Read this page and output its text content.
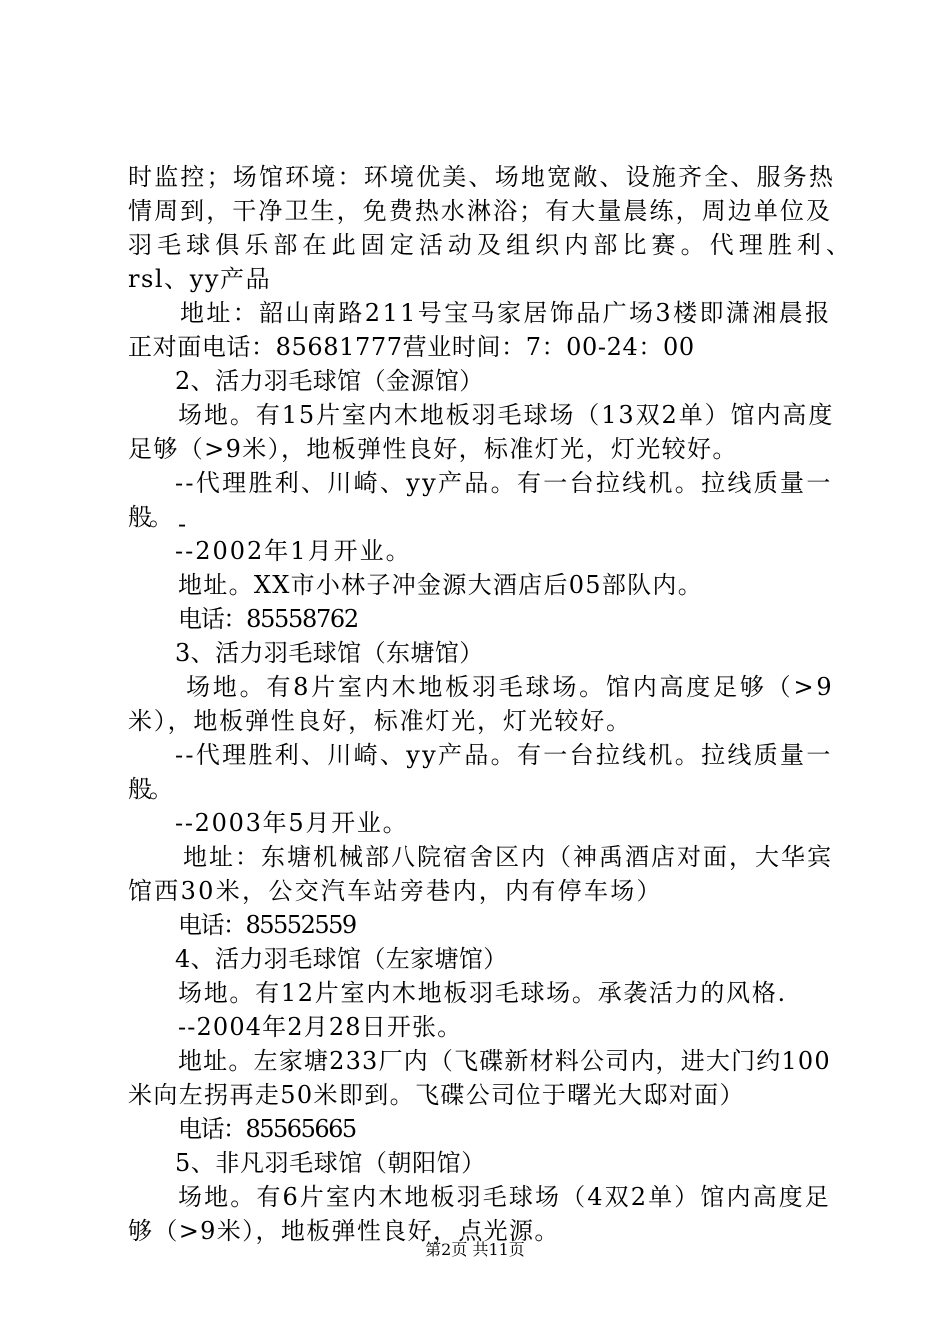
时监控；场馆环境：环境优美、场地宽敞、设施齐全、服务热
情周到，干净卫生，免费热水淋浴；有大量晨练，周边单位及
羽毛球俱乐部在此固定活动及组织内部比赛。代理胜利、
rsl、yy产品
地址：韶山南路211号宝马家居饰品广场3楼即潇湘晨报
正对面电话：85681777营业时间：7：00-24：00
2、活力羽毛球馆（金源馆）
场地。有15片室内木地板羽毛球场（13双2单）馆内高度
足够（>9米），地板弹性良好，标准灯光，灯光较好。
--代理胜利、川崎、yy产品。有一台拉线机。拉线质量一
般。 -
--2002年1月开业。
地址。XX市小林子冲金源大酒店后05部队内。
电话：85558762
3、活力羽毛球馆（东塘馆）
场地。有8片室内木地板羽毛球场。馆内高度足够（>9
米），地板弹性良好，标准灯光，灯光较好。
--代理胜利、川崎、yy产品。有一台拉线机。拉线质量一
般。
--2003年5月开业。
地址：东塘机械部八院宿舍区内（神禹酒店对面，大华宾
馆西30米，公交汽车站旁巷内，内有停车场）
电话：85552559
4、活力羽毛球馆（左家塘馆）
场地。有12片室内木地板羽毛球场。承袭活力的风格.
--2004年2月28日开张。
地址。左家塘233厂内（飞碟新材料公司内，进大门约100
米向左拐再走50米即到。飞碟公司位于曙光大邸对面）
电话：85565665
5、非凡羽毛球馆（朝阳馆）
场地。有6片室内木地板羽毛球场（4双2单）馆内高度足
够（>9米），地板弹性良好，点光源。
第2页 共11页
